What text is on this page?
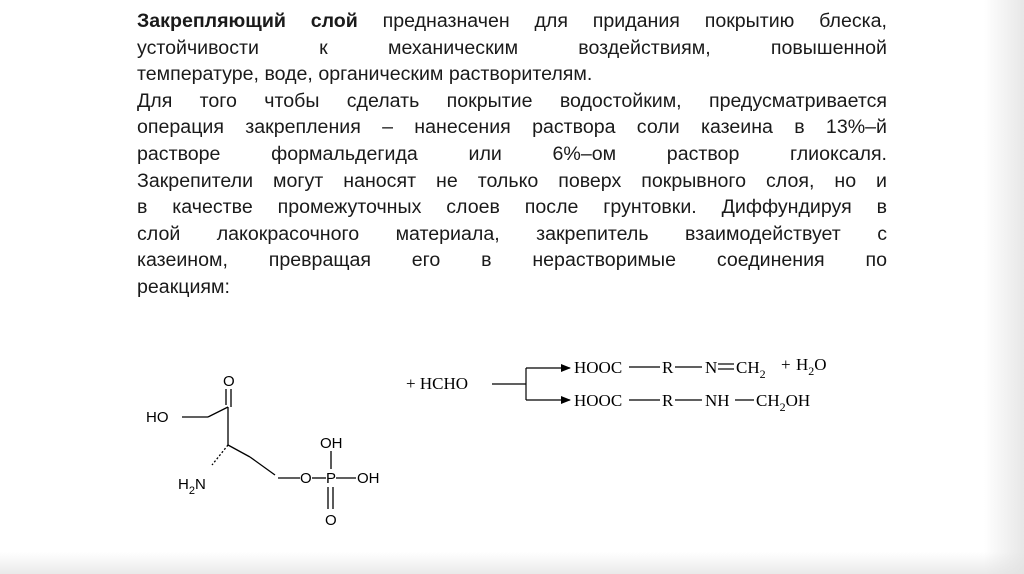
Закрепляющий слой предназначен для придания покрытию блеска,
устойчивости к механическим воздействиям, повышенной
температуре, воде, органическим растворителям.
Для того чтобы сделать покрытие водостойким, предусматривается
операция закрепления – нанесения раствора соли казеина в 13%–й
растворе формальдегида или 6%–ом раствор глиоксаля.
Закрепители могут наносят не только поверх покрывного слоя, но и
в качестве промежуточных слоев после грунтовки. Диффундируя в
слой лакокрасочного материала, закрепитель взаимодействует с
казеином, превращая его в нерастворимые соединения по
реакциям:
O
HO
$H_2N$	O P
OH
OH
O
+ HCHO
HOOC R N $CH_2 + H_2O$
HOOC R NH $CH_2OH$
